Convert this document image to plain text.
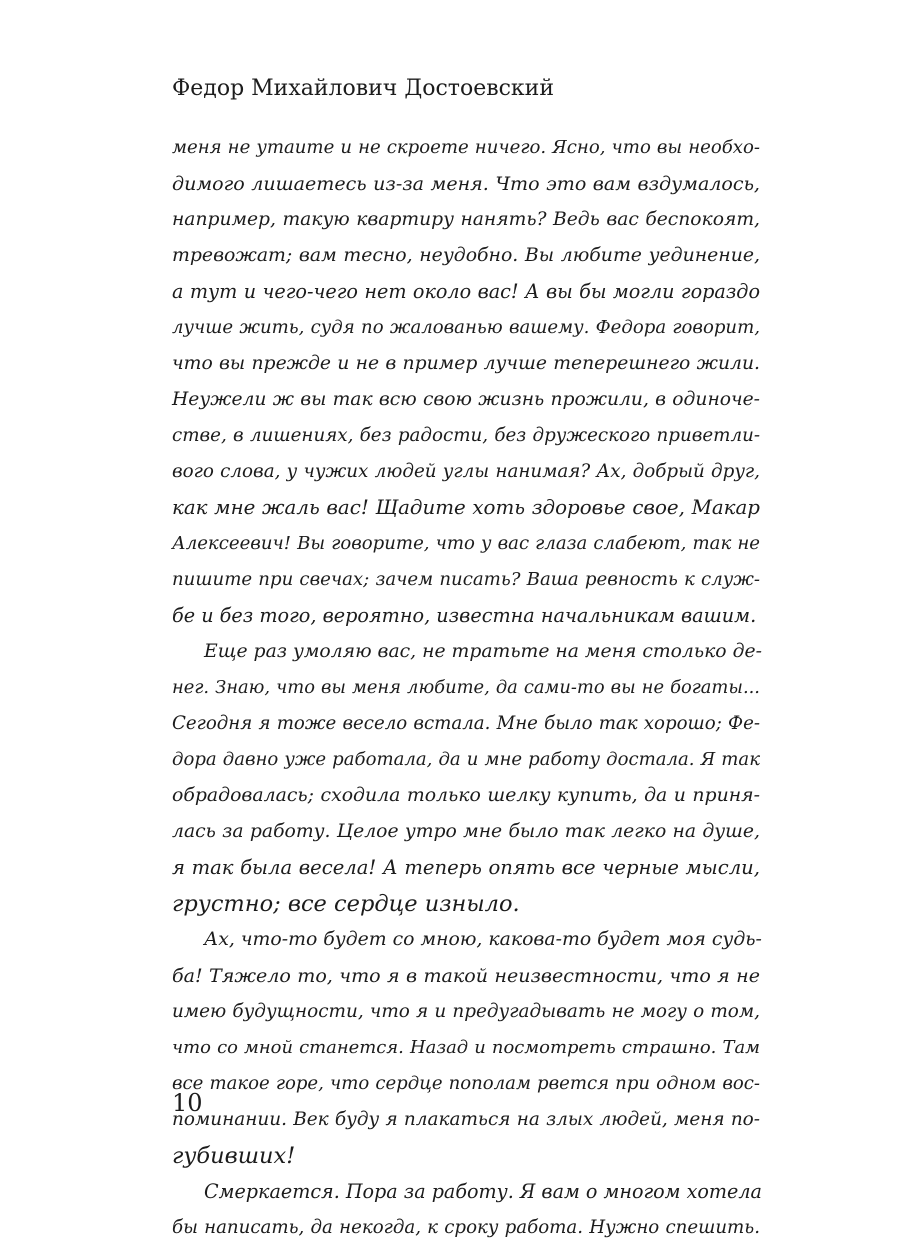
Федор Михайлович Достоевский
меня не утаите и не скроете ничего. Ясно, что вы необхо-
димого лишаетесь из-за меня. Что это вам вздумалось,
например, такую квартиру нанять? Ведь вас беспокоят,
тревожат; вам тесно, неудобно. Вы любите уединение,
а тут и чего-чего нет около вас! А вы бы могли гораздо
лучше жить, судя по жалованью вашему. Федора говорит,
что вы прежде и не в пример лучше теперешнего жили.
Неужели ж вы так всю свою жизнь прожили, в одиноче-
стве, в лишениях, без радости, без дружеского приветли-
вого слова, у чужих людей углы нанимая? Ах, добрый друг,
как мне жаль вас! Щадите хоть здоровье свое, Макар
Алексеевич! Вы говорите, что у вас глаза слабеют, так не
пишите при свечах; зачем писать? Ваша ревность к служ-
бе и без того, вероятно, известна начальникам вашим.
Еще раз умоляю вас, не тратьте на меня столько де-
нег. Знаю, что вы меня любите, да сами-то вы не богаты...
Сегодня я тоже весело встала. Мне было так хорошо; Фе-
дора давно уже работала, да и мне работу достала. Я так
обрадовалась; сходила только шелку купить, да и приня-
лась за работу. Целое утро мне было так легко на душе,
я так была весела! А теперь опять все черные мысли,
грустно; все сердце изныло.
Ах, что-то будет со мною, какова-то будет моя судь-
ба! Тяжело то, что я в такой неизвестности, что я не
имею будущности, что я и предугадывать не могу о том,
что со мной станется. Назад и посмотреть страшно. Там
все такое горе, что сердце пополам рвется при одном вос-
поминании. Век буду я плакаться на злых людей, меня по-
губивших!
Смеркается. Пора за работу. Я вам о многом хотела
бы написать, да некогда, к сроку работа. Нужно спешить.
10
